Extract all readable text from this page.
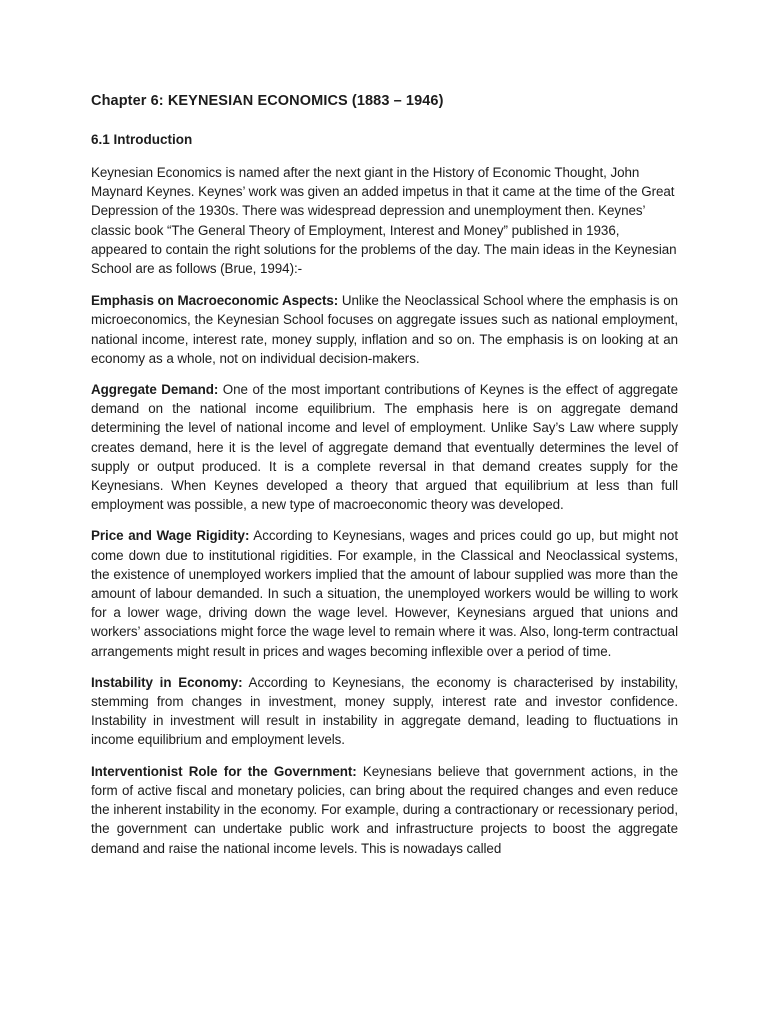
Chapter 6: KEYNESIAN ECONOMICS (1883 – 1946)
6.1 Introduction

Keynesian Economics is named after the next giant in the History of Economic Thought, John Maynard Keynes. Keynes’ work was given an added impetus in that it came at the time of the Great Depression of the 1930s. There was widespread depression and unemployment then. Keynes’ classic book “The General Theory of Employment, Interest and Money” published in 1936, appeared to contain the right solutions for the problems of the day. The main ideas in the Keynesian School are as follows (Brue, 1994):-

Emphasis on Macroeconomic Aspects: Unlike the Neoclassical School where the emphasis is on microeconomics, the Keynesian School focuses on aggregate issues such as national employment, national income, interest rate, money supply, inflation and so on. The emphasis is on looking at an economy as a whole, not on individual decision-makers.

Aggregate Demand: One of the most important contributions of Keynes is the effect of aggregate demand on the national income equilibrium. The emphasis here is on aggregate demand determining the level of national income and level of employment. Unlike Say’s Law where supply creates demand, here it is the level of aggregate demand that eventually determines the level of supply or output produced. It is a complete reversal in that demand creates supply for the Keynesians. When Keynes developed a theory that argued that equilibrium at less than full employment was possible, a new type of macroeconomic theory was developed.

Price and Wage Rigidity: According to Keynesians, wages and prices could go up, but might not come down due to institutional rigidities. For example, in the Classical and Neoclassical systems, the existence of unemployed workers implied that the amount of labour supplied was more than the amount of labour demanded. In such a situation, the unemployed workers would be willing to work for a lower wage, driving down the wage level. However, Keynesians argued that unions and workers’ associations might force the wage level to remain where it was. Also, long-term contractual arrangements might result in prices and wages becoming inflexible over a period of time.

Instability in Economy: According to Keynesians, the economy is characterised by instability, stemming from changes in investment, money supply, interest rate and investor confidence. Instability in investment will result in instability in aggregate demand, leading to fluctuations in income equilibrium and employment levels.

Interventionist Role for the Government: Keynesians believe that government actions, in the form of active fiscal and monetary policies, can bring about the required changes and even reduce the inherent instability in the economy. For example, during a contractionary or recessionary period, the government can undertake public work and infrastructure projects to boost the aggregate demand and raise the national income levels. This is nowadays called
